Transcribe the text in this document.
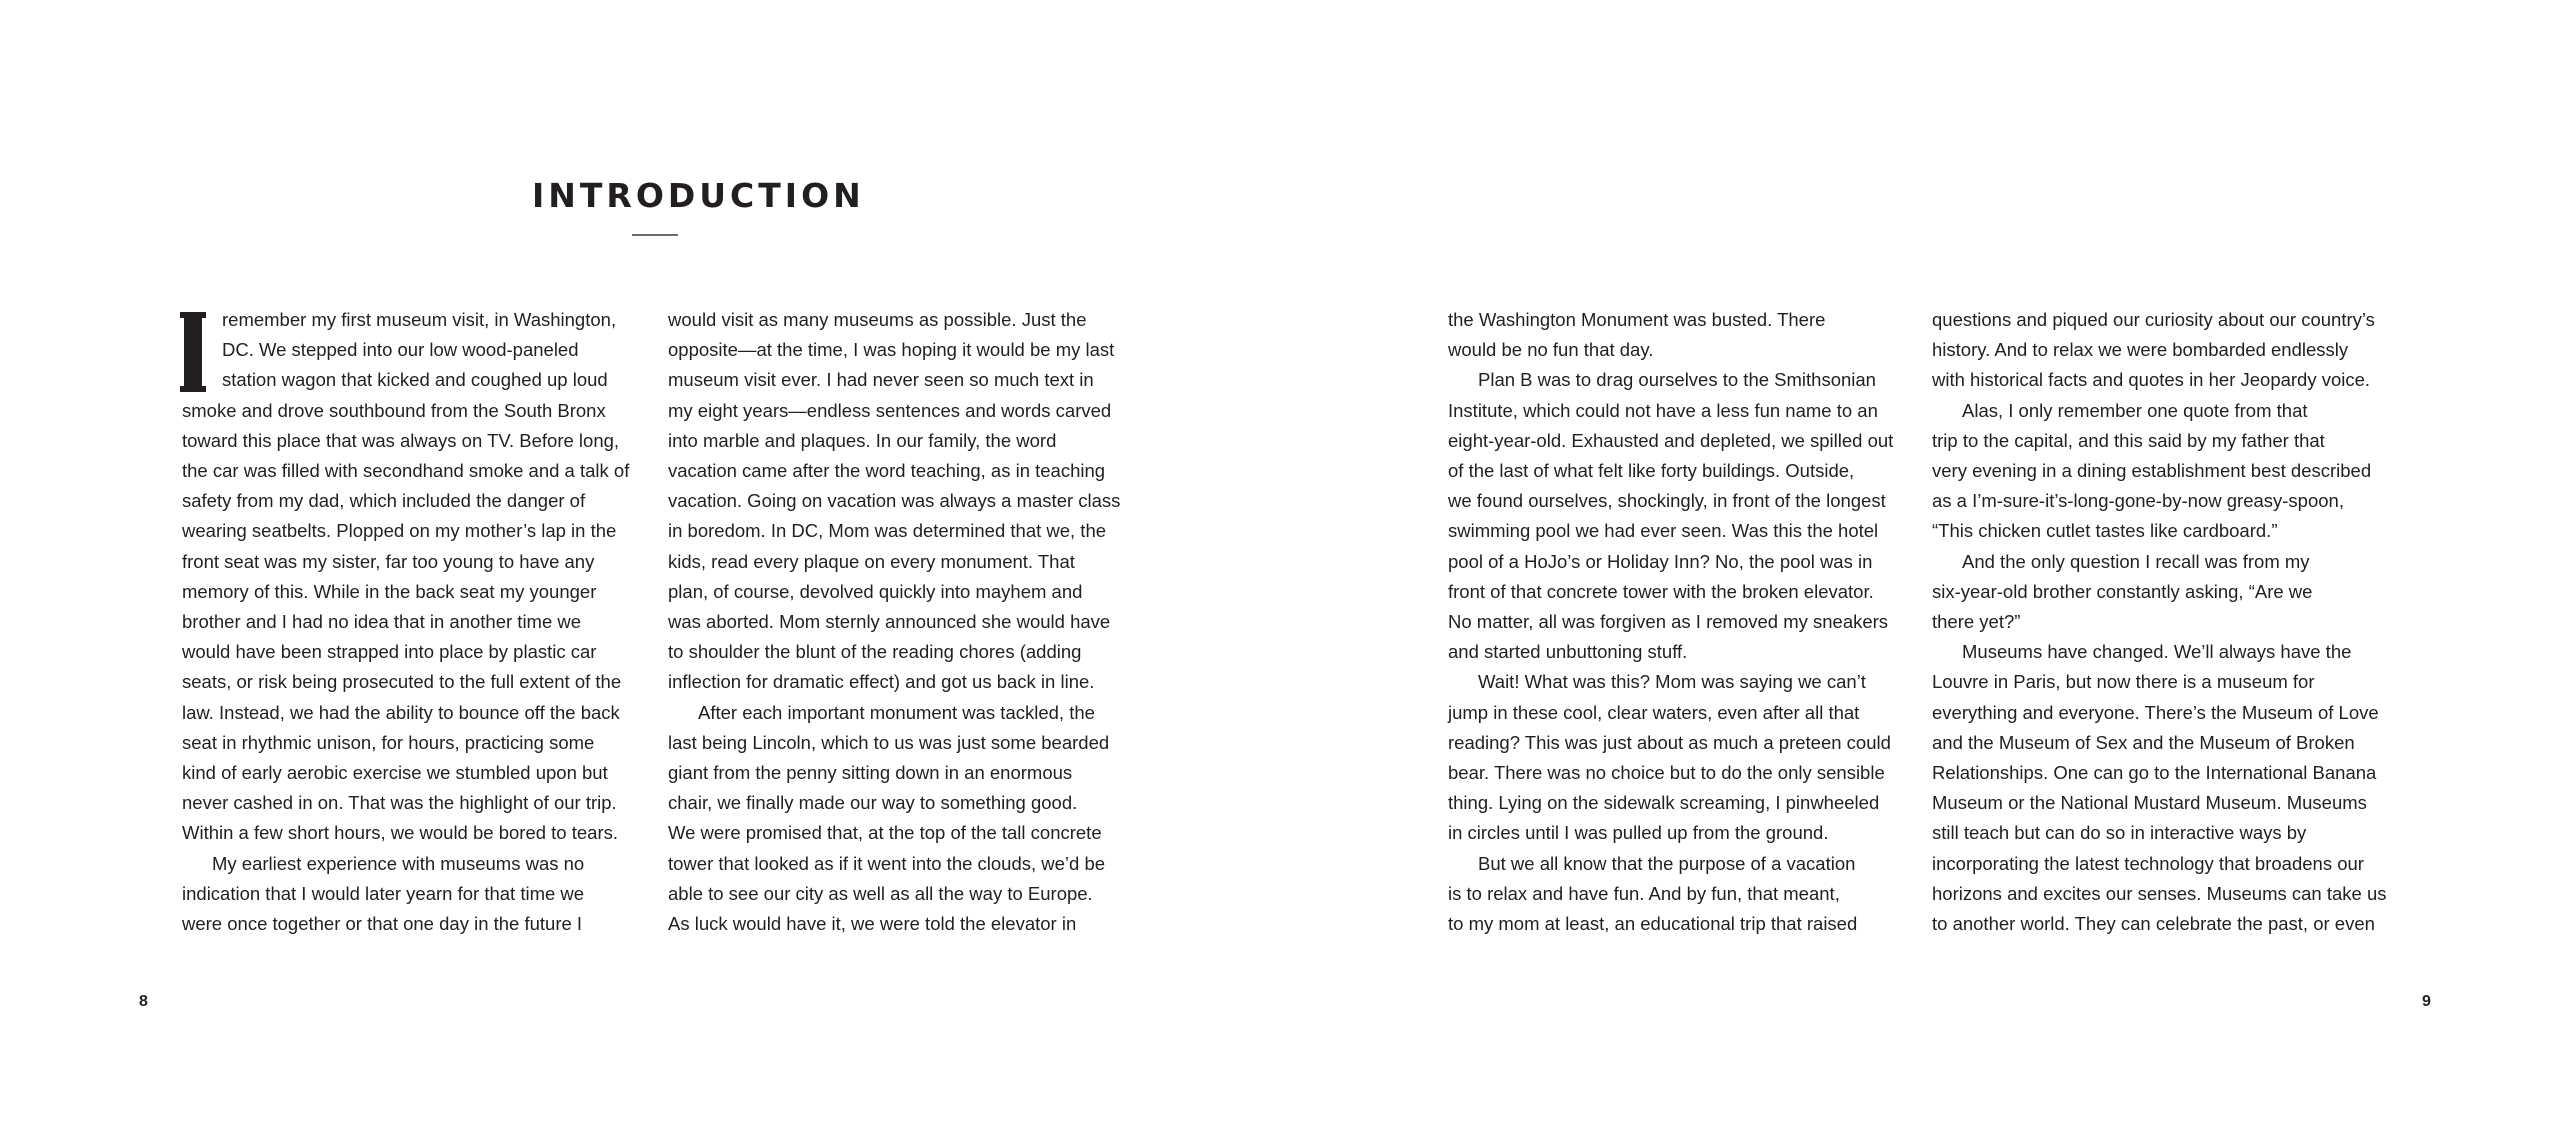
INTRODUCTION
remember my first museum visit, in Washington,
DC. We stepped into our low wood-paneled
station wagon that kicked and coughed up loud
smoke and drove southbound from the South Bronx
toward this place that was always on TV. Before long,
the car was filled with secondhand smoke and a talk of
safety from my dad, which included the danger of
wearing seatbelts. Plopped on my mother’s lap in the
front seat was my sister, far too young to have any
memory of this. While in the back seat my younger
brother and I had no idea that in another time we
would have been strapped into place by plastic car
seats, or risk being prosecuted to the full extent of the
law. Instead, we had the ability to bounce off the back
seat in rhythmic unison, for hours, practicing some
kind of early aerobic exercise we stumbled upon but
never cashed in on. That was the highlight of our trip.
Within a few short hours, we would be bored to tears.
My earliest experience with museums was no
indication that I would later yearn for that time we
were once together or that one day in the future I
would visit as many museums as possible. Just the
opposite—at the time, I was hoping it would be my last
museum visit ever. I had never seen so much text in
my eight years—endless sentences and words carved
into marble and plaques. In our family, the word
vacation came after the word teaching, as in teaching
vacation. Going on vacation was always a master class
in boredom. In DC, Mom was determined that we, the
kids, read every plaque on every monument. That
plan, of course, devolved quickly into mayhem and
was aborted. Mom sternly announced she would have
to shoulder the blunt of the reading chores (adding
inflection for dramatic effect) and got us back in line.
After each important monument was tackled, the
last being Lincoln, which to us was just some bearded
giant from the penny sitting down in an enormous
chair, we finally made our way to something good.
We were promised that, at the top of the tall concrete
tower that looked as if it went into the clouds, we’d be
able to see our city as well as all the way to Europe.
As luck would have it, we were told the elevator in
8
the Washington Monument was busted. There
would be no fun that day.
Plan B was to drag ourselves to the Smithsonian
Institute, which could not have a less fun name to an
eight-year-old. Exhausted and depleted, we spilled out
of the last of what felt like forty buildings. Outside,
we found ourselves, shockingly, in front of the longest
swimming pool we had ever seen. Was this the hotel
pool of a HoJo’s or Holiday Inn? No, the pool was in
front of that concrete tower with the broken elevator.
No matter, all was forgiven as I removed my sneakers
and started unbuttoning stuff.
Wait! What was this? Mom was saying we can’t
jump in these cool, clear waters, even after all that
reading? This was just about as much a preteen could
bear. There was no choice but to do the only sensible
thing. Lying on the sidewalk screaming, I pinwheeled
in circles until I was pulled up from the ground.
But we all know that the purpose of a vacation
is to relax and have fun. And by fun, that meant,
to my mom at least, an educational trip that raised
questions and piqued our curiosity about our country’s
history. And to relax we were bombarded endlessly
with historical facts and quotes in her Jeopardy voice.
Alas, I only remember one quote from that
trip to the capital, and this said by my father that
very evening in a dining establishment best described
as a I’m-sure-it’s-long-gone-by-now greasy-spoon,
“This chicken cutlet tastes like cardboard.”
And the only question I recall was from my
six-year-old brother constantly asking, “Are we
there yet?”
Museums have changed. We’ll always have the
Louvre in Paris, but now there is a museum for
everything and everyone. There’s the Museum of Love
and the Museum of Sex and the Museum of Broken
Relationships. One can go to the International Banana
Museum or the National Mustard Museum. Museums
still teach but can do so in interactive ways by
incorporating the latest technology that broadens our
horizons and excites our senses. Museums can take us
to another world. They can celebrate the past, or even
9
